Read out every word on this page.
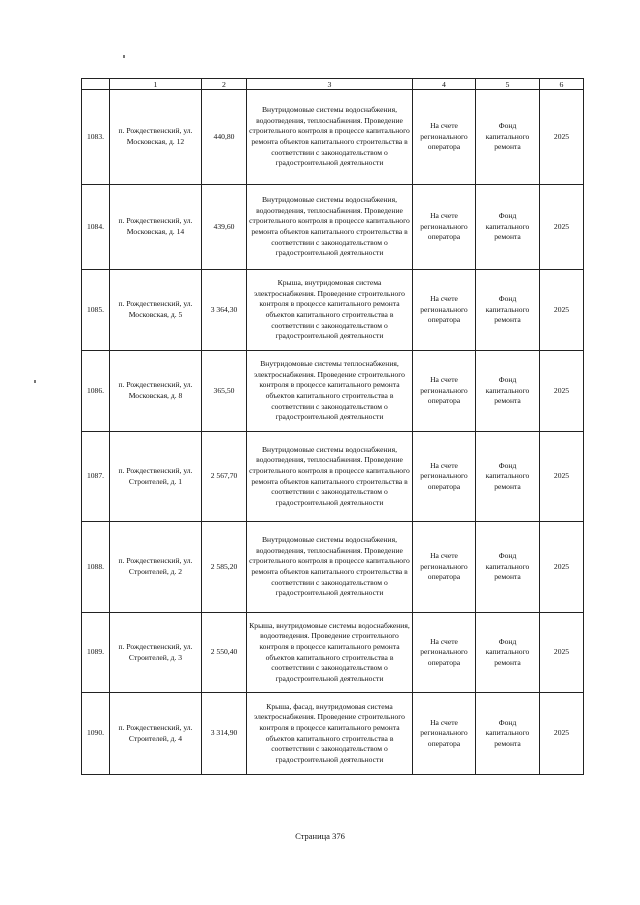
	1	2	3	4	5	6
1083.	п. Рождественский, ул. Московская, д. 12	440,80	Внутридомовые системы водоснабжения, водоотведения, теплоснабжения. Проведение строительного контроля в процессе капитального ремонта объектов капитального строительства в соответствии с законодательством о градостроительной деятельности	На счете регионального оператора	Фонд капитального ремонта	2025
1084.	п. Рождественский, ул. Московская, д. 14	439,60	Внутридомовые системы водоснабжения, водоотведения, теплоснабжения. Проведение строительного контроля в процессе капитального ремонта объектов капитального строительства в соответствии с законодательством о градостроительной деятельности	На счете регионального оператора	Фонд капитального ремонта	2025
1085.	п. Рождественский, ул. Московская, д. 5	3 364,30	Крыша, внутридомовая система электроснабжения. Проведение строительного контроля в процессе капитального ремонта объектов капитального строительства в соответствии с законодательством о градостроительной деятельности	На счете регионального оператора	Фонд капитального ремонта	2025
1086.	п. Рождественский, ул. Московская, д. 8	365,50	Внутридомовые системы теплоснабжения, электроснабжения. Проведение строительного контроля в процессе капитального ремонта объектов капитального строительства в соответствии с законодательством о градостроительной деятельности	На счете регионального оператора	Фонд капитального ремонта	2025
1087.	п. Рождественский, ул. Строителей, д. 1	2 567,70	Внутридомовые системы водоснабжения, водоотведения, теплоснабжения. Проведение строительного контроля в процессе капитального ремонта объектов капитального строительства в соответствии с законодательством о градостроительной деятельности	На счете регионального оператора	Фонд капитального ремонта	2025
1088.	п. Рождественский, ул. Строителей, д. 2	2 585,20	Внутридомовые системы водоснабжения, водоотведения, теплоснабжения. Проведение строительного контроля в процессе капитального ремонта объектов капитального строительства в соответствии с законодательством о градостроительной деятельности	На счете регионального оператора	Фонд капитального ремонта	2025
1089.	п. Рождественский, ул. Строителей, д. 3	2 550,40	Крыша, внутридомовые системы водоснабжения, водоотведения. Проведение строительного контроля в процессе капитального ремонта объектов капитального строительства в соответствии с законодательством о градостроительной деятельности	На счете регионального оператора	Фонд капитального ремонта	2025
1090.	п. Рождественский, ул. Строителей, д. 4	3 314,90	Крыша, фасад, внутридомовая система электроснабжения. Проведение строительного контроля в процессе капитального ремонта объектов капитального строительства в соответствии с законодательством о градостроительной деятельности	На счете регионального оператора	Фонд капитального ремонта	2025
Страница 376
